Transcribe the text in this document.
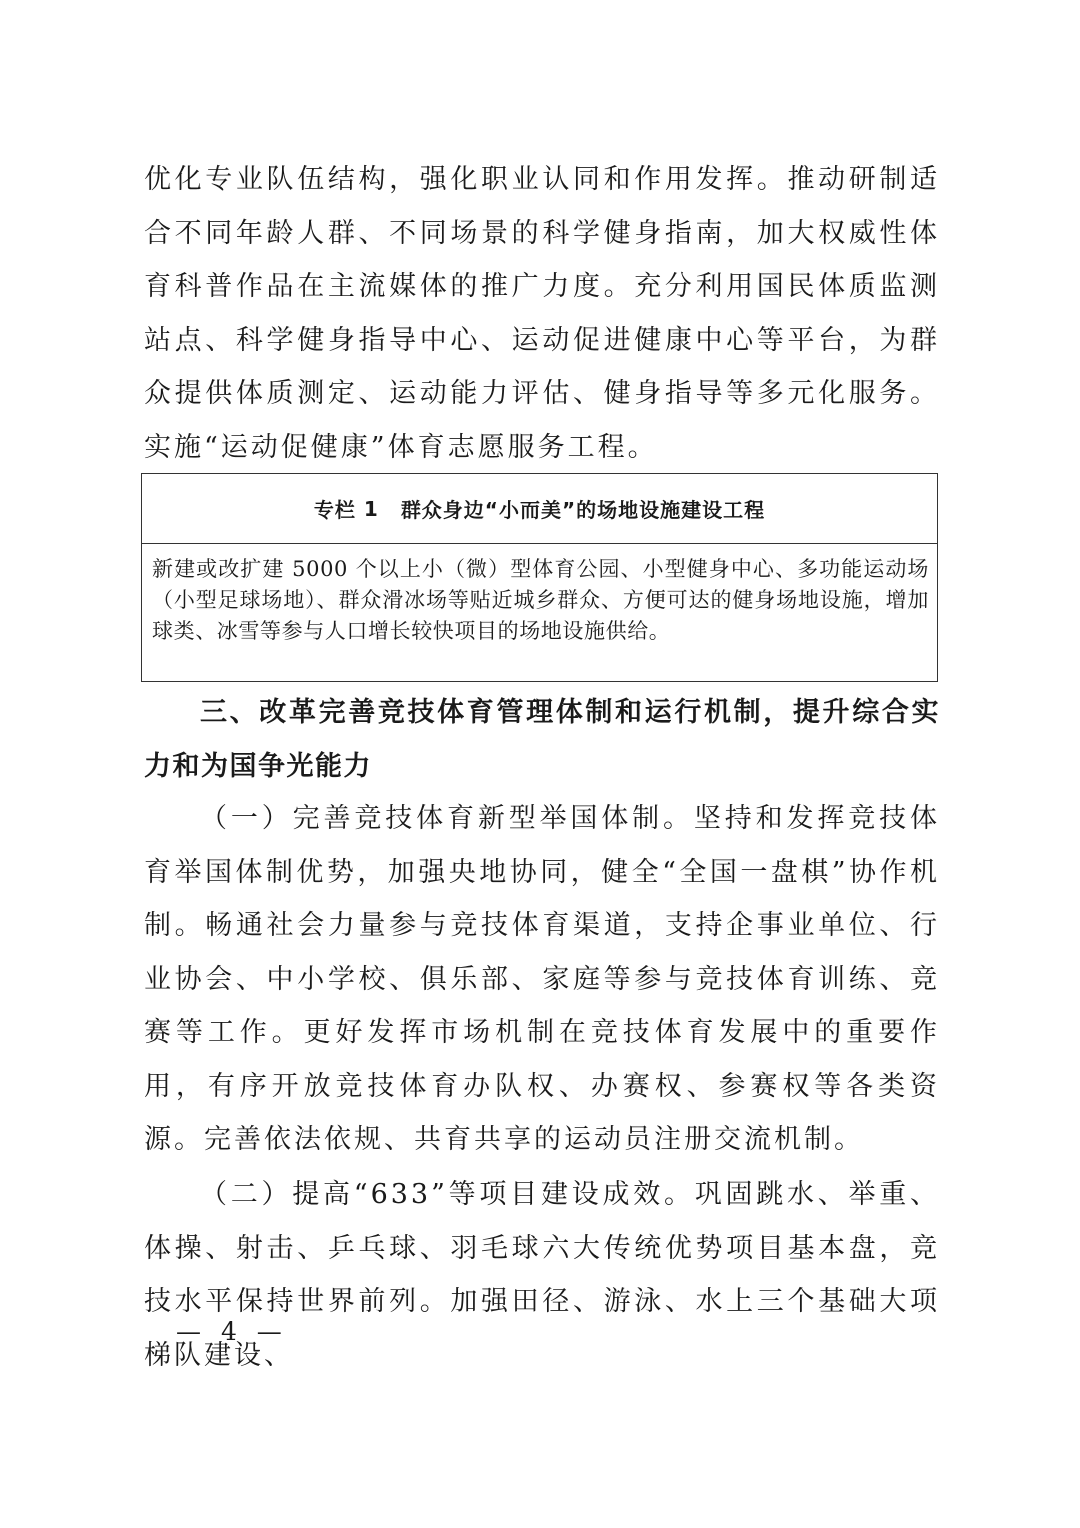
优化专业队伍结构，强化职业认同和作用发挥。推动研制适合不同年龄人群、不同场景的科学健身指南，加大权威性体育科普作品在主流媒体的推广力度。充分利用国民体质监测站点、科学健身指导中心、运动促进健康中心等平台，为群众提供体质测定、运动能力评估、健身指导等多元化服务。实施“运动促健康”体育志愿服务工程。

专栏 1 群众身边“小而美”的场地设施建设工程

新建或改扩建 5000 个以上小（微）型体育公园、小型健身中心、多功能运动场（小型足球场地）、群众滑冰场等贴近城乡群众、方便可达的健身场地设施，增加球类、冰雪等参与人口增长较快项目的场地设施供给。

三、改革完善竞技体育管理体制和运行机制，提升综合实力和为国争光能力

（一）完善竞技体育新型举国体制。坚持和发挥竞技体育举国体制优势，加强央地协同，健全“全国一盘棋”协作机制。畅通社会力量参与竞技体育渠道，支持企事业单位、行业协会、中小学校、俱乐部、家庭等参与竞技体育训练、竞赛等工作。更好发挥市场机制在竞技体育发展中的重要作用，有序开放竞技体育办队权、办赛权、参赛权等各类资源。完善依法依规、共育共享的运动员注册交流机制。

（二）提高“633”等项目建设成效。巩固跳水、举重、体操、射击、乒乓球、羽毛球六大传统优势项目基本盘，竞技水平保持世界前列。加强田径、游泳、水上三个基础大项梯队建设、

— 4 —
